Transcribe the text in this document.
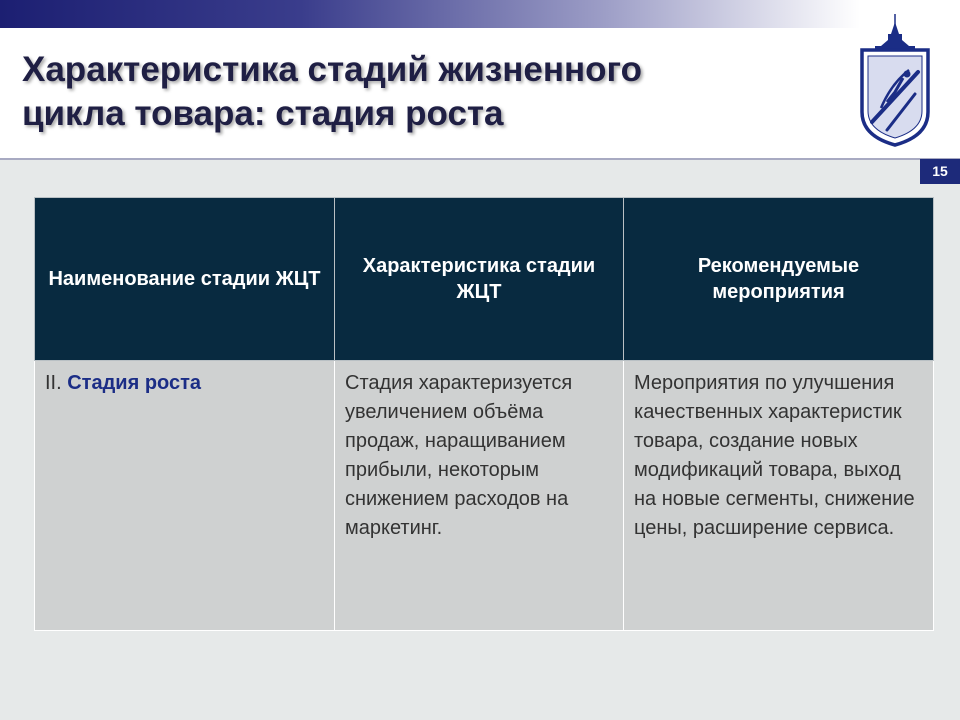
Характеристика стадий жизненного
цикла товара: стадия роста
15
Наименование стадии ЖЦТ	Характеристика стадии ЖЦТ	Рекомендуемые мероприятия
II. Стадия роста	Стадия характеризуется увеличением объёма продаж, наращиванием прибыли, некоторым снижением расходов на маркетинг.	Мероприятия по улучшения качественных характеристик товара, создание новых модификаций товара, выход на новые сегменты, снижение цены, расширение сервиса.
